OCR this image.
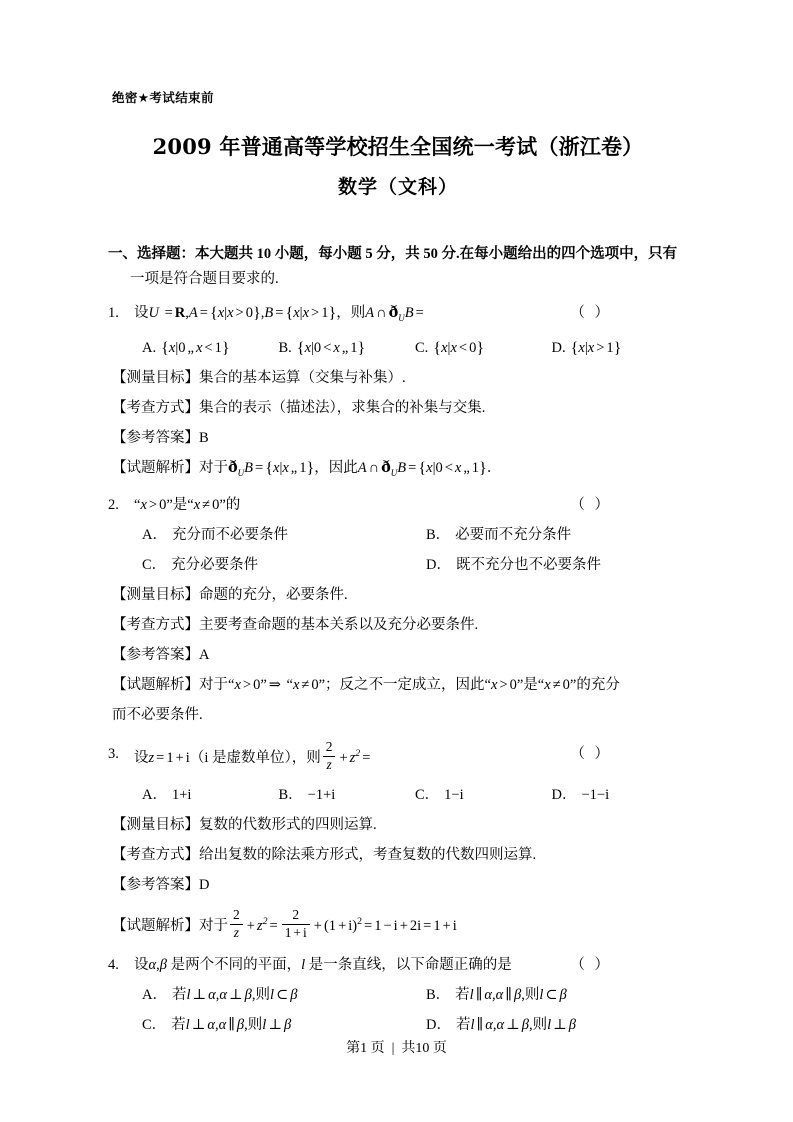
绝密★考试结束前
2009 年普通高等学校招生全国统一考试（浙江卷）
数学（文科）
一、选择题：本大题共 10 小题，每小题 5 分，共 50 分.在每小题给出的四个选项中，只有
一项是符合题目要求的.
1.	设U = R,A = {x|x > 0},B = {x|x > 1}，则A ∩ $ð_UB$ =	（ ）
A. {x|0 „ x < 1}	B. {x|0 < x „ 1}	C. {x|x < 0}	D. {x|x > 1}
【测量目标】集合的基本运算（交集与补集）.
【考查方式】集合的表示（描述法），求集合的补集与交集.
【参考答案】B
【试题解析】对于$ð_UB = \{x|x$ „ 1}，因此A ∩ $ð_UB = \{x|0 < x$ „ 1}．
2.	“x > 0”是“x ≠ 0”的	（ ）
A． 充分而不必要条件	B． 必要而不充分条件
C． 充分必要条件	D． 既不充分也不必要条件
【测量目标】命题的充分，必要条件.
【考查方式】主要考查命题的基本关系以及充分必要条件.
【参考答案】A
【试题解析】对于“x > 0” ⇒ “x ≠ 0”；反之不一定成立，因此“x > 0”是“x ≠ 0”的充分
而不必要条件.
3.	设z = 1 + i（i 是虚数单位），则 $\frac{2}{z} + z^2$ =	（ ）
A． 1+i	B． −1+i	C． 1−i	D． −1−i
【测量目标】复数的代数形式的四则运算.
【考查方式】给出复数的除法乘方形式，考查复数的代数四则运算.
【参考答案】D
【试题解析】对于 $\frac{2}{z} + z^2 = \frac{2}{1 + i} + (1 + i)^2 = 1 - i + 2i = 1 + i$
4.	设α,β 是两个不同的平面，l 是一条直线，以下命题正确的是	（ ）
A． 若l ⊥ α,α ⊥ β,则l ⊂ β	B． 若l ∥ α,α ∥ β,则l ⊂ β
C． 若l ⊥ α,α ∥ β,则l ⊥ β	D． 若l ∥ α,α ⊥ β,则l ⊥ β
第1 页 | 共10 页
